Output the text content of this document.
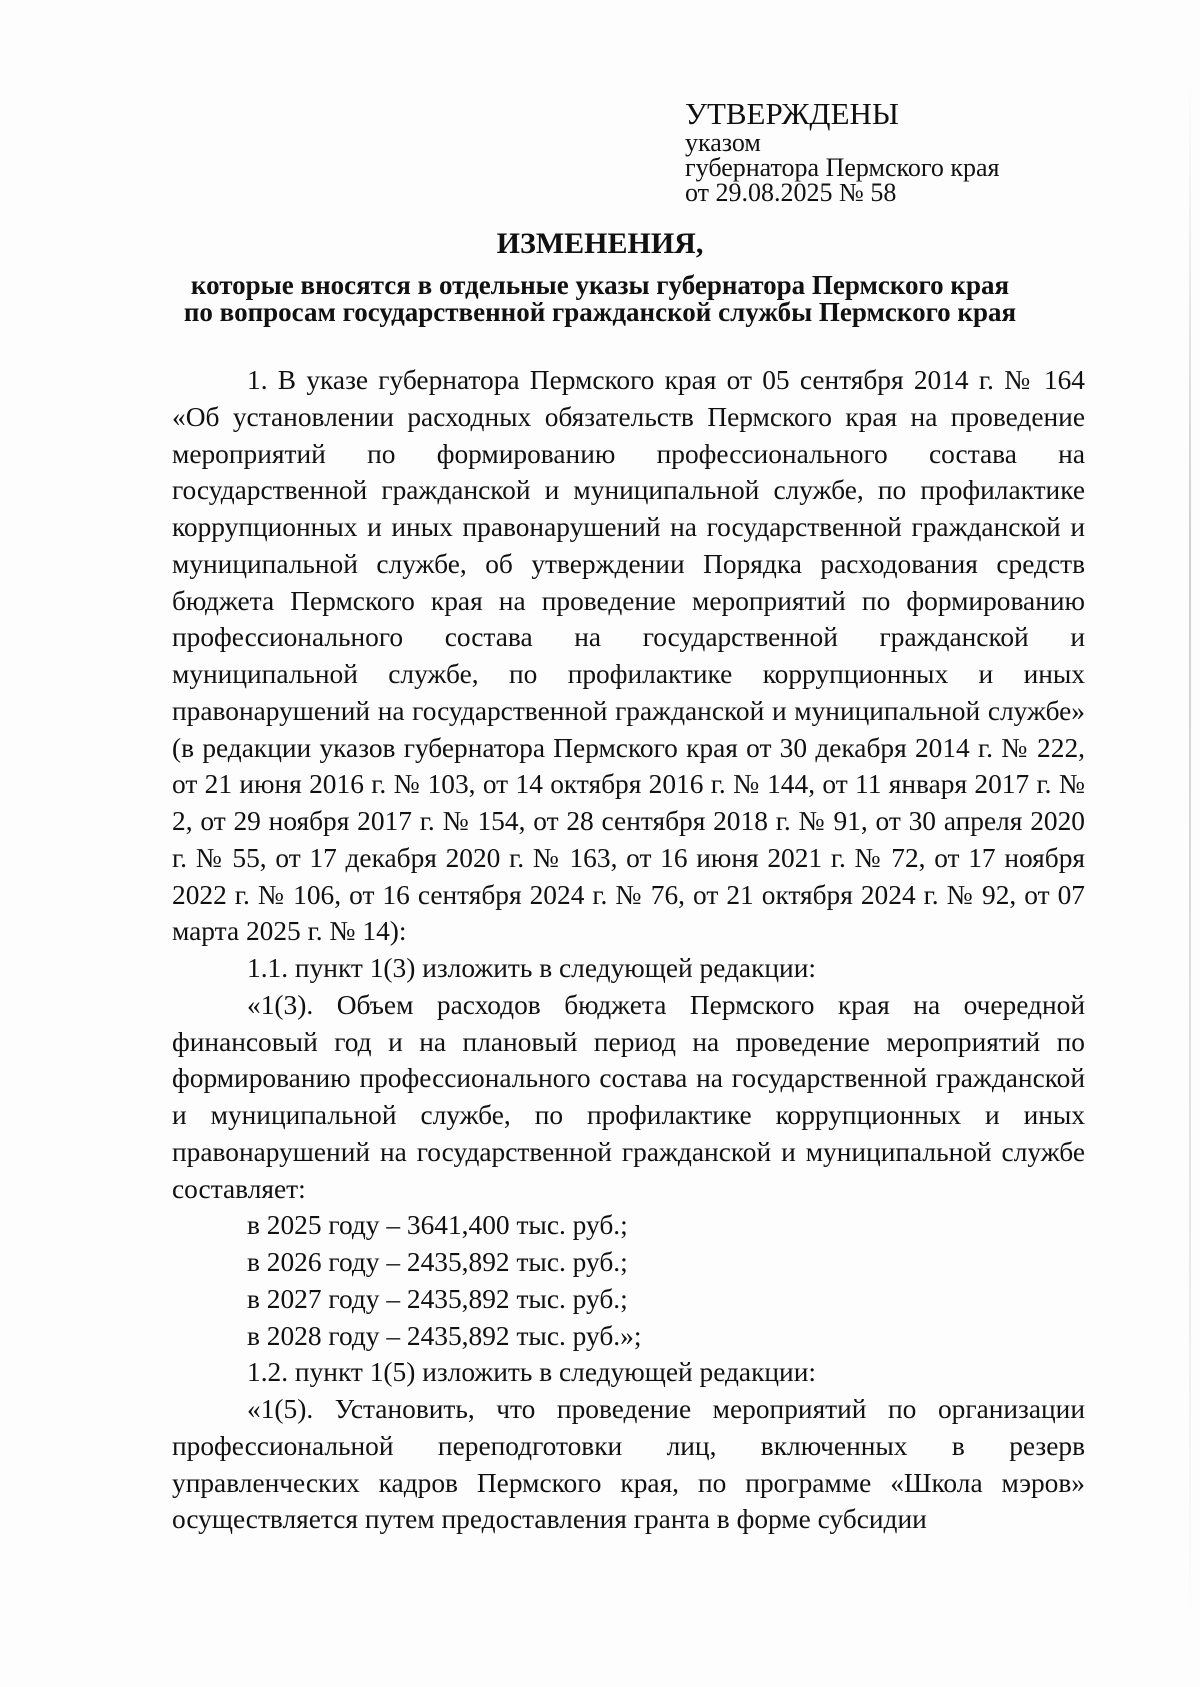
УТВЕРЖДЕНЫ
указом
губернатора Пермского края
от 29.08.2025 № 58
ИЗМЕНЕНИЯ,
которые вносятся в отдельные указы губернатора Пермского края
по вопросам государственной гражданской службы Пермского края

1. В указе губернатора Пермского края от 05 сентября 2014 г. № 164 «Об установлении расходных обязательств Пермского края на проведение мероприятий по формированию профессионального состава на государственной гражданской и муниципальной службе, по профилактике коррупционных и иных правонарушений на государственной гражданской и муниципальной службе, об утверждении Порядка расходования средств бюджета Пермского края на проведение мероприятий по формированию профессионального состава на государственной гражданской и муниципальной службе, по профилактике коррупционных и иных правонарушений на государственной гражданской и муниципальной службе» (в редакции указов губернатора Пермского края от 30 декабря 2014 г. № 222, от 21 июня 2016 г. № 103, от 14 октября 2016 г. № 144, от 11 января 2017 г. № 2, от 29 ноября 2017 г. № 154, от 28 сентября 2018 г. № 91, от 30 апреля 2020 г. № 55, от 17 декабря 2020 г. № 163, от 16 июня 2021 г. № 72, от 17 ноября 2022 г. № 106, от 16 сентября 2024 г. № 76, от 21 октября 2024 г. № 92, от 07 марта 2025 г. № 14):

1.1. пункт 1(3) изложить в следующей редакции:

«1(3). Объем расходов бюджета Пермского края на очередной финансовый год и на плановый период на проведение мероприятий по формированию профессионального состава на государственной гражданской и муниципальной службе, по профилактике коррупционных и иных правонарушений на государственной гражданской и муниципальной службе составляет:

в 2025 году – 3641,400 тыс. руб.;

в 2026 году – 2435,892 тыс. руб.;

в 2027 году – 2435,892 тыс. руб.;

в 2028 году – 2435,892 тыс. руб.»;

1.2. пункт 1(5) изложить в следующей редакции:

«1(5). Установить, что проведение мероприятий по организации профессиональной переподготовки лиц, включенных в резерв управленческих кадров Пермского края, по программе «Школа мэров» осуществляется путем предоставления гранта в форме субсидии
